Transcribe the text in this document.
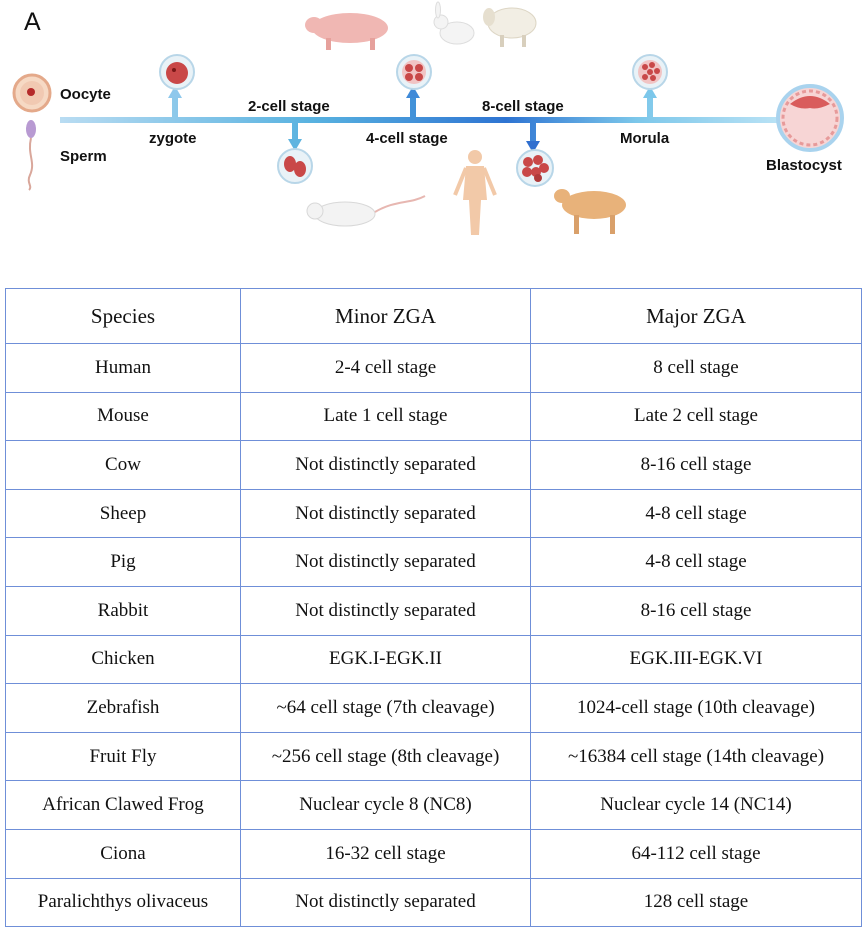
A
Oocyte
Sperm
zygote
2-cell stage
4-cell stage
8-cell stage
Morula
Blastocyst
Species	Minor ZGA	Major ZGA
Human	2-4 cell stage	8 cell stage
Mouse	Late 1 cell stage	Late 2 cell stage
Cow	Not distinctly separated	8-16 cell stage
Sheep	Not distinctly separated	4-8 cell stage
Pig	Not distinctly separated	4-8 cell stage
Rabbit	Not distinctly separated	8-16 cell stage
Chicken	EGK.I-EGK.II	EGK.III-EGK.VI
Zebrafish	~64 cell stage (7th cleavage)	1024-cell stage (10th cleavage)
Fruit Fly	~256 cell stage (8th cleavage)	~16384 cell stage (14th cleavage)
African Clawed Frog	Nuclear cycle 8 (NC8)	Nuclear cycle 14 (NC14)
Ciona	16-32 cell stage	64-112 cell stage
Paralichthys olivaceus	Not distinctly separated	128 cell stage
